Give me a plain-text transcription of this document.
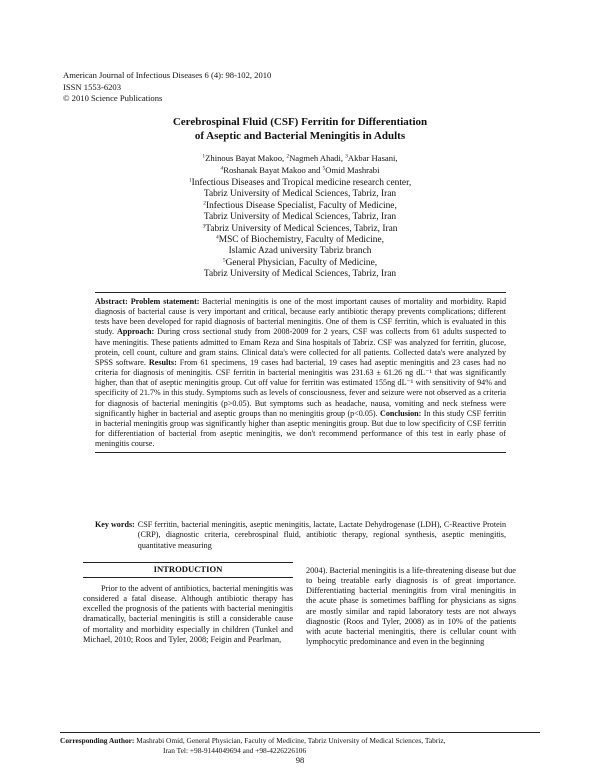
American Journal of Infectious Diseases 6 (4): 98-102, 2010
ISSN 1553-6203
© 2010 Science Publications
Cerebrospinal Fluid (CSF) Ferritin for Differentiation
of Aseptic and Bacterial Meningitis in Adults
$^1$Zhinous Bayat Makoo, $^2$Nagmeh Ahadi, $^3$Akbar Hasani,
$^4$Roshanak Bayat Makoo and $^5$Omid Mashrabi
$^1$Infectious Diseases and Tropical medicine research center,
Tabriz University of Medical Sciences, Tabriz, Iran
$^2$Infectious Disease Specialist, Faculty of Medicine,
Tabriz University of Medical Sciences, Tabriz, Iran
$^3$Tabriz University of Medical Sciences, Tabriz, Iran
$^4$MSC of Biochemistry, Faculty of Medicine,
Islamic Azad university Tabriz branch
$^5$General Physician, Faculty of Medicine,
Tabriz University of Medical Sciences, Tabriz, Iran
Abstract: Problem statement: Bacterial meningitis is one of the most important causes of mortality and morbidity. Rapid diagnosis of bacterial cause is very important and critical, because early antibiotic therapy prevents complications; different tests have been developed for rapid diagnosis of bacterial meningitis. One of them is CSF ferritin, which is evaluated in this study. Approach: During cross sectional study from 2008-2009 for 2 years, CSF was collects from 61 adults suspected to have meningitis. These patients admitted to Emam Reza and Sina hospitals of Tabriz. CSF was analyzed for ferritin, glucose, protein, cell count, culture and gram stains. Clinical data's were collected for all patients. Collected data's were analyzed by SPSS software. Results: From 61 specimens, 19 cases had bacterial, 19 cases had aseptic meningitis and 23 cases had no criteria for diagnosis of meningitis. CSF ferritin in bacterial meningitis was 231.63 ± 61.26 ng dL⁻¹ that was significantly higher, than that of aseptic meningitis group. Cut off value for ferritin was estimated 155ng dL⁻¹ with sensitivity of 94% and specificity of 21.7% in this study. Symptoms such as levels of consciousness, fever and seizure were not observed as a criteria for diagnosis of bacterial meningitis (p>0.05). But symptoms such as headache, nausa, vomiting and neck stefness were significantly higher in bacterial and aseptic groups than no meningitis group (p<0.05). Conclusion: In this study CSF ferritin in bacterial meningitis group was significantly higher than aseptic meningitis group. But due to low specificity of CSF ferritin for differentiation of bacterial from aseptic meningitis, we don't recommend performance of this test in early phase of meningitis course.
Key words: CSF ferritin, bacterial meningitis, aseptic meningitis, lactate, Lactate Dehydrogenase (LDH), C-Reactive Protein (CRP), diagnostic criteria, cerebrospinal fluid, antibiotic therapy, regional synthesis, aseptic meningitis, quantitative measuring
INTRODUCTION

Prior to the advent of antibiotics, bacterial meningitis was considered a fatal disease. Although antibiotic therapy has excelled the prognosis of the patients with bacterial meningitis dramatically, bacterial meningitis is still a considerable cause of mortality and morbidity especially in children (Tunkel and Michael, 2010; Roos and Tyler, 2008; Feigin and Pearlman,

2004). Bacterial meningitis is a life-threatening disease but due to being treatable early diagnosis is of great importance. Differentiating bacterial meningitis from viral meningitis in the acute phase is sometimes baffling for physicians as signs are mostly similar and rapid laboratory tests are not always diagnostic (Roos and Tyler, 2008) as in 10% of the patients with acute bacterial meningitis, there is cellular count with lymphocytic predominance and even in the beginning

Corresponding Author: Mashrabi Omid, General Physician, Faculty of Medicine, Tabriz University of Medical Sciences, Tabriz,
Iran Tel: +98-9144049694 and +98-4226226106
98
